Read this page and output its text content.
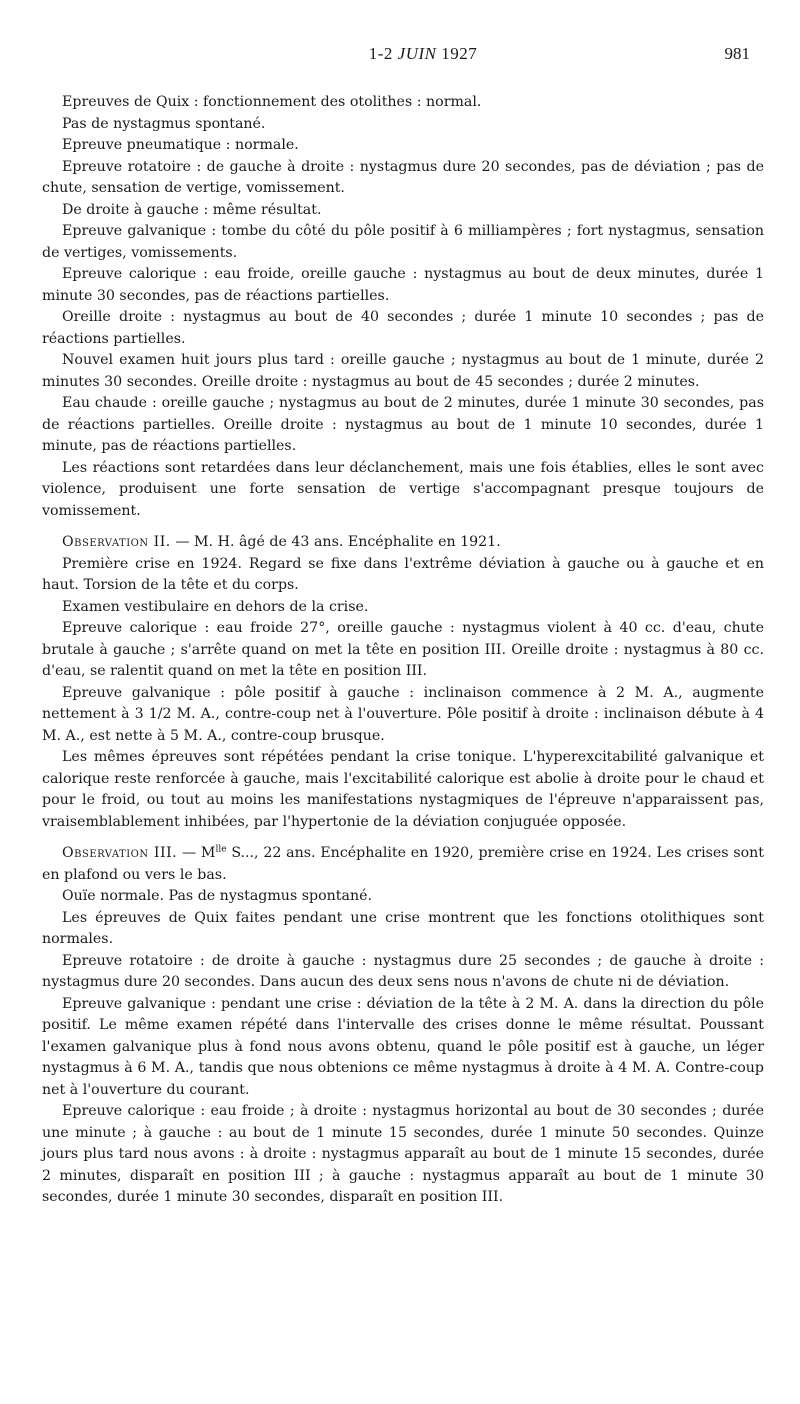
1-2 JUIN 1927	981

Epreuves de Quix : fonctionnement des otolithes : normal.

Pas de nystagmus spontané.

Epreuve pneumatique : normale.

Epreuve rotatoire : de gauche à droite : nystagmus dure 20 secondes, pas de déviation ; pas de chute, sensation de vertige, vomissement.

De droite à gauche : même résultat.

Epreuve galvanique : tombe du côté du pôle positif à 6 milliampères ; fort nystagmus, sensation de vertiges, vomissements.

Epreuve calorique : eau froide, oreille gauche : nystagmus au bout de deux minutes, durée 1 minute 30 secondes, pas de réactions partielles.

Oreille droite : nystagmus au bout de 40 secondes ; durée 1 minute 10 secondes ; pas de réactions partielles.

Nouvel examen huit jours plus tard : oreille gauche ; nystagmus au bout de 1 minute, durée 2 minutes 30 secondes. Oreille droite : nystagmus au bout de 45 secondes ; durée 2 minutes.

Eau chaude : oreille gauche ; nystagmus au bout de 2 minutes, durée 1 minute 30 secondes, pas de réactions partielles. Oreille droite : nystagmus au bout de 1 minute 10 secondes, durée 1 minute, pas de réactions partielles.

Les réactions sont retardées dans leur déclanchement, mais une fois établies, elles le sont avec violence, produisent une forte sensation de vertige s'accompagnant presque toujours de vomissement.

Observation II. — M. H. âgé de 43 ans. Encéphalite en 1921.

Première crise en 1924. Regard se fixe dans l'extrême déviation à gauche ou à gauche et en haut. Torsion de la tête et du corps.

Examen vestibulaire en dehors de la crise.

Epreuve calorique : eau froide 27°, oreille gauche : nystagmus violent à 40 cc. d'eau, chute brutale à gauche ; s'arrête quand on met la tête en position III. Oreille droite : nystagmus à 80 cc. d'eau, se ralentit quand on met la tête en position III.

Epreuve galvanique : pôle positif à gauche : inclinaison commence à 2 M. A., augmente nettement à 3 1/2 M. A., contre-coup net à l'ouverture. Pôle positif à droite : inclinaison débute à 4 M. A., est nette à 5 M. A., contre-coup brusque.

Les mêmes épreuves sont répétées pendant la crise tonique. L'hyperexcitabilité galvanique et calorique reste renforcée à gauche, mais l'excitabilité calorique est abolie à droite pour le chaud et pour le froid, ou tout au moins les manifestations nystagmiques de l'épreuve n'apparaissent pas, vraisemblablement inhibées, par l'hypertonie de la déviation conjuguée opposée.

Observation III. — $M^{lle}$ S..., 22 ans. Encéphalite en 1920, première crise en 1924. Les crises sont en plafond ou vers le bas.

Ouïe normale. Pas de nystagmus spontané.

Les épreuves de Quix faites pendant une crise montrent que les fonctions otolithiques sont normales.

Epreuve rotatoire : de droite à gauche : nystagmus dure 25 secondes ; de gauche à droite : nystagmus dure 20 secondes. Dans aucun des deux sens nous n'avons de chute ni de déviation.

Epreuve galvanique : pendant une crise : déviation de la tête à 2 M. A. dans la direction du pôle positif. Le même examen répété dans l'intervalle des crises donne le même résultat. Poussant l'examen galvanique plus à fond nous avons obtenu, quand le pôle positif est à gauche, un léger nystagmus à 6 M. A., tandis que nous obtenions ce même nystagmus à droite à 4 M. A. Contre-coup net à l'ouverture du courant.

Epreuve calorique : eau froide ; à droite : nystagmus horizontal au bout de 30 secondes ; durée une minute ; à gauche : au bout de 1 minute 15 secondes, durée 1 minute 50 secondes. Quinze jours plus tard nous avons : à droite : nystagmus apparaît au bout de 1 minute 15 secondes, durée 2 minutes, disparaît en position III ; à gauche : nystagmus apparaît au bout de 1 minute 30 secondes, durée 1 minute 30 secondes, disparaît en position III.
